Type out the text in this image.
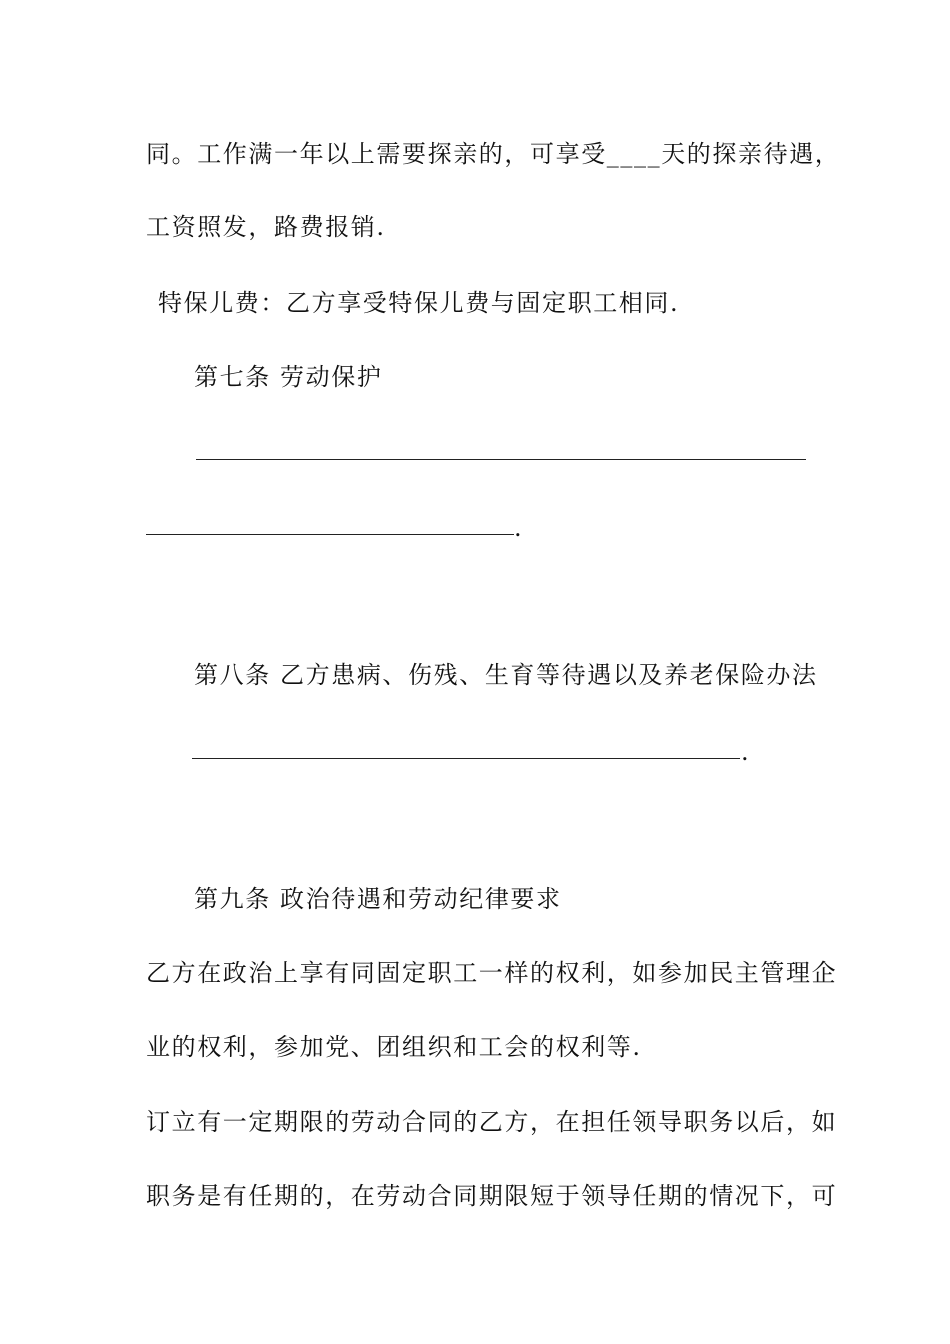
同。工作满一年以上需要探亲的，可享受____天的探亲待遇，

工资照发，路费报销.

特保儿费：乙方享受特保儿费与固定职工相同.

第七条 劳动保护

.

第八条 乙方患病、伤残、生育等待遇以及养老保险办法

.

第九条 政治待遇和劳动纪律要求

乙方在政治上享有同固定职工一样的权利，如参加民主管理企

业的权利，参加党、团组织和工会的权利等.

订立有一定期限的劳动合同的乙方，在担任领导职务以后，如

职务是有任期的，在劳动合同期限短于领导任期的情况下，可
